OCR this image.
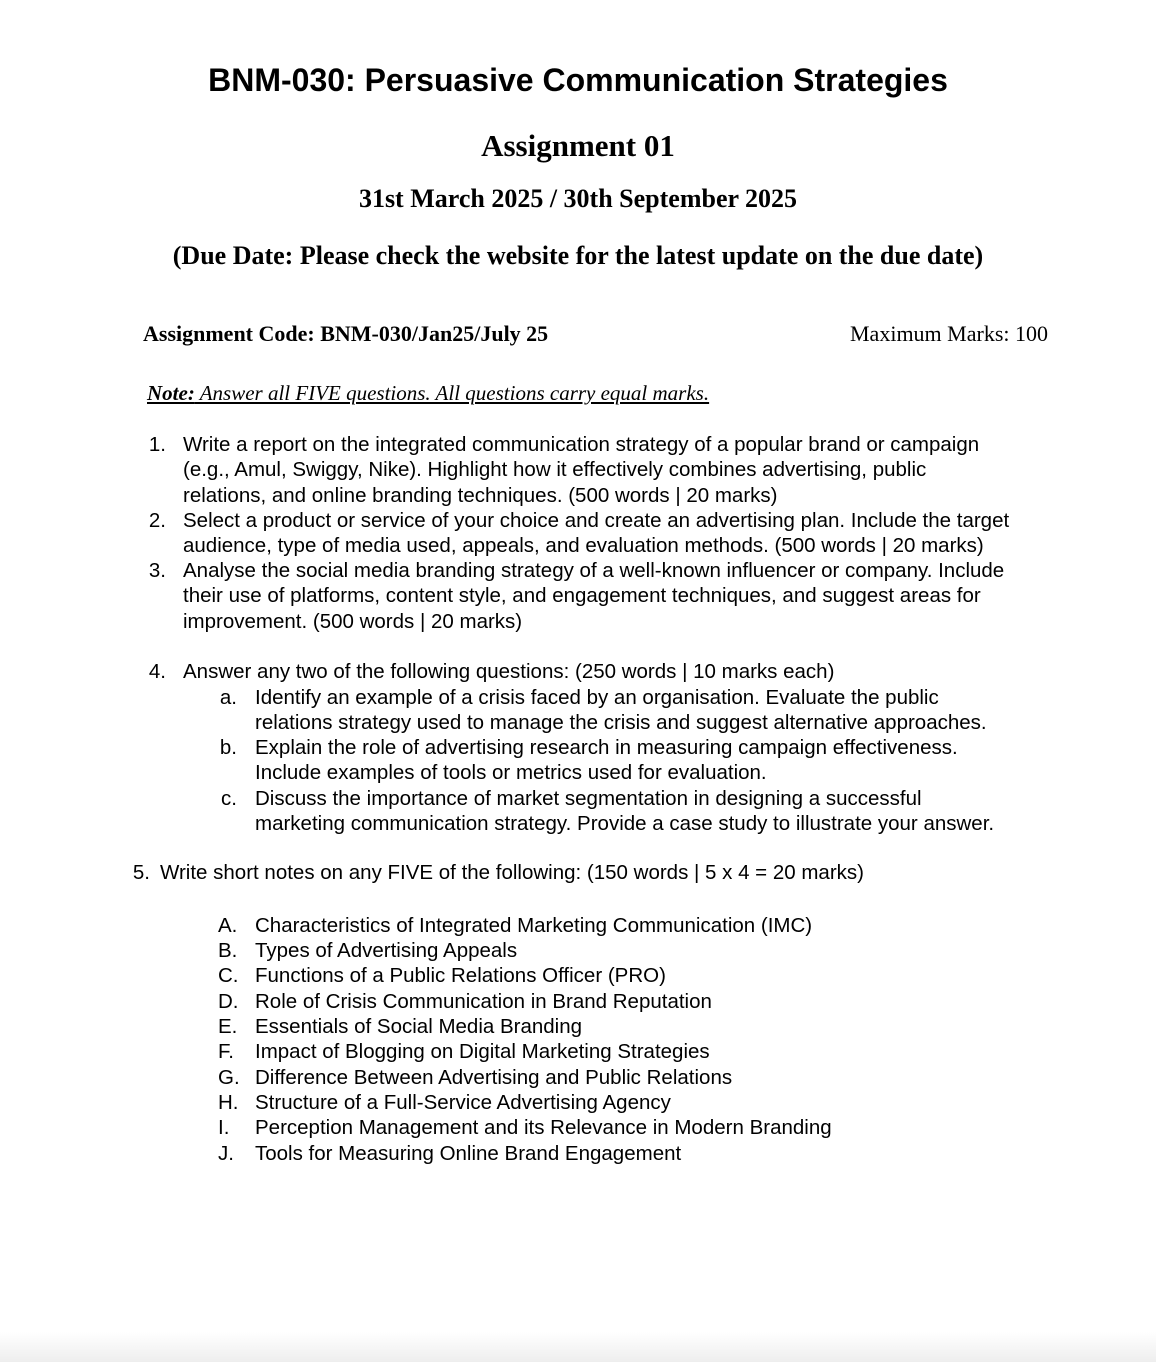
BNM-030: Persuasive Communication Strategies
Assignment 01
31st March 2025 / 30th September 2025
(Due Date: Please check the website for the latest update on the due date)
Assignment Code: BNM-030/Jan25/July 25	Maximum Marks: 100
Note: Answer all FIVE questions. All questions carry equal marks.
1. Write a report on the integrated communication strategy of a popular brand or campaign
(e.g., Amul, Swiggy, Nike). Highlight how it effectively combines advertising, public
relations, and online branding techniques. (500 words | 20 marks)
2. Select a product or service of your choice and create an advertising plan. Include the target
audience, type of media used, appeals, and evaluation methods. (500 words | 20 marks)
3. Analyse the social media branding strategy of a well-known influencer or company. Include
their use of platforms, content style, and engagement techniques, and suggest areas for
improvement. (500 words | 20 marks)
4. Answer any two of the following questions: (250 words | 10 marks each)
a. Identify an example of a crisis faced by an organisation. Evaluate the public
relations strategy used to manage the crisis and suggest alternative approaches.
b. Explain the role of advertising research in measuring campaign effectiveness.
Include examples of tools or metrics used for evaluation.
c. Discuss the importance of market segmentation in designing a successful
marketing communication strategy. Provide a case study to illustrate your answer.
5. Write short notes on any FIVE of the following: (150 words | 5 x 4 = 20 marks)
A. Characteristics of Integrated Marketing Communication (IMC)
B. Types of Advertising Appeals
C. Functions of a Public Relations Officer (PRO)
D. Role of Crisis Communication in Brand Reputation
E. Essentials of Social Media Branding
F. Impact of Blogging on Digital Marketing Strategies
G. Difference Between Advertising and Public Relations
H. Structure of a Full-Service Advertising Agency
I.	Perception Management and its Relevance in Modern Branding
J. Tools for Measuring Online Brand Engagement
